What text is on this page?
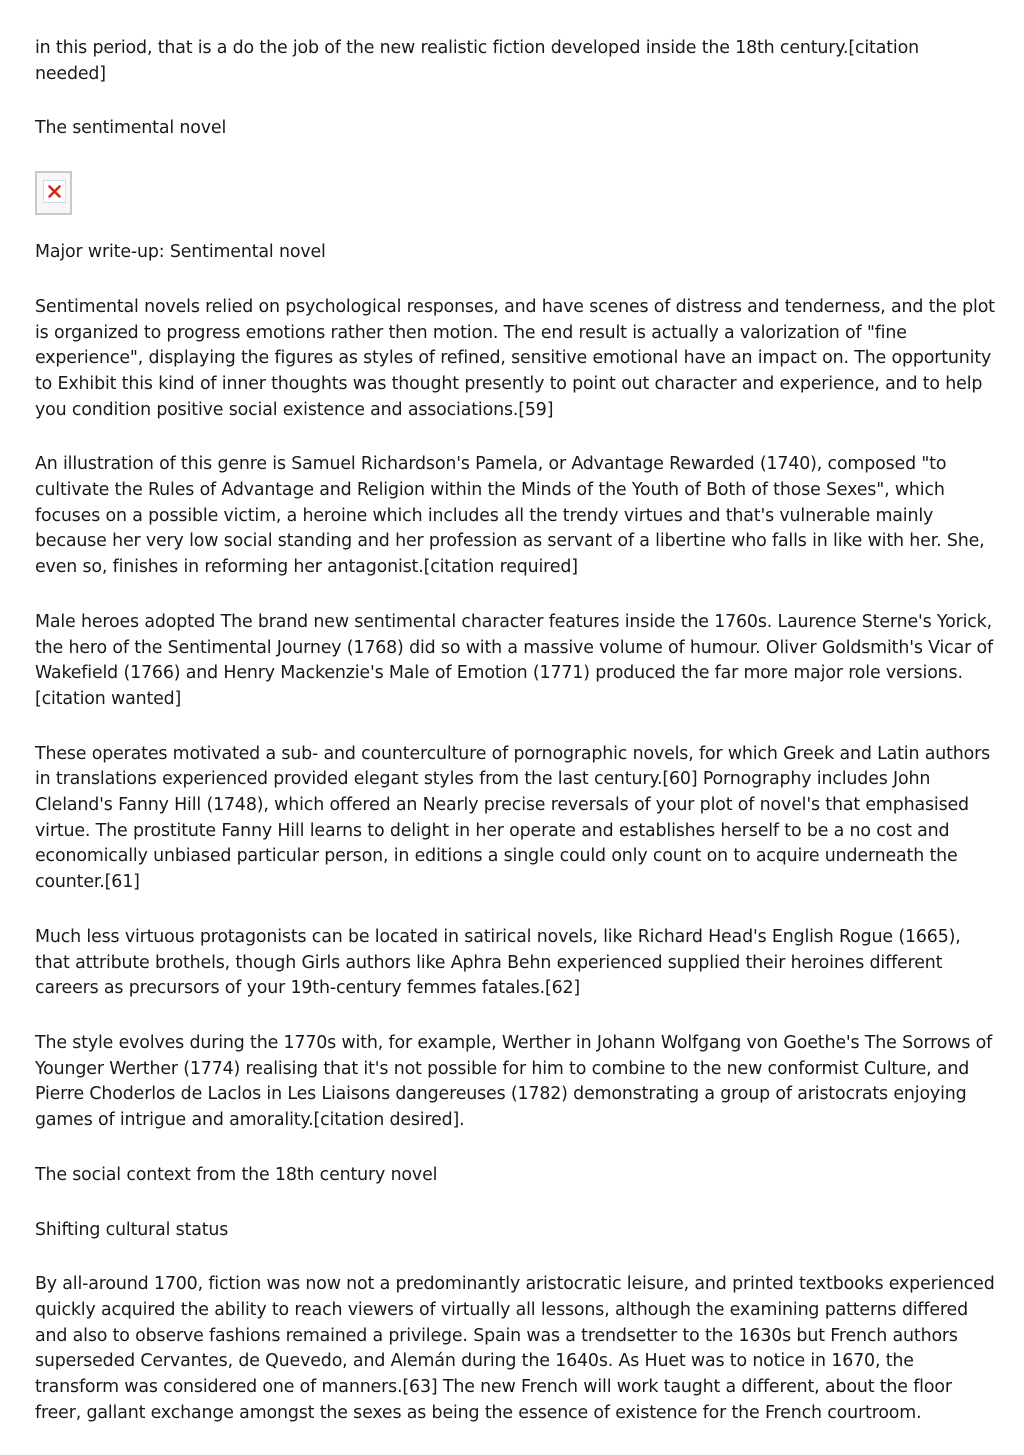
in this period, that is a do the job of the new realistic fiction developed inside the 18th century.[citation needed]

The sentimental novel

Major write-up: Sentimental novel

Sentimental novels relied on psychological responses, and have scenes of distress and tenderness, and the plot is organized to progress emotions rather then motion. The end result is actually a valorization of "fine experience", displaying the figures as styles of refined, sensitive emotional have an impact on. The opportunity to Exhibit this kind of inner thoughts was thought presently to point out character and experience, and to help you condition positive social existence and associations.[59]

An illustration of this genre is Samuel Richardson's Pamela, or Advantage Rewarded (1740), composed "to cultivate the Rules of Advantage and Religion within the Minds of the Youth of Both of those Sexes", which focuses on a possible victim, a heroine which includes all the trendy virtues and that's vulnerable mainly because her very low social standing and her profession as servant of a libertine who falls in like with her. She, even so, finishes in reforming her antagonist.[citation required]

Male heroes adopted The brand new sentimental character features inside the 1760s. Laurence Sterne's Yorick, the hero of the Sentimental Journey (1768) did so with a massive volume of humour. Oliver Goldsmith's Vicar of Wakefield (1766) and Henry Mackenzie's Male of Emotion (1771) produced the far more major role versions.[citation wanted]

These operates motivated a sub- and counterculture of pornographic novels, for which Greek and Latin authors in translations experienced provided elegant styles from the last century.[60] Pornography includes John Cleland's Fanny Hill (1748), which offered an Nearly precise reversals of your plot of novel's that emphasised virtue. The prostitute Fanny Hill learns to delight in her operate and establishes herself to be a no cost and economically unbiased particular person, in editions a single could only count on to acquire underneath the counter.[61]

Much less virtuous protagonists can be located in satirical novels, like Richard Head's English Rogue (1665), that attribute brothels, though Girls authors like Aphra Behn experienced supplied their heroines different careers as precursors of your 19th-century femmes fatales.[62]

The style evolves during the 1770s with, for example, Werther in Johann Wolfgang von Goethe's The Sorrows of Younger Werther (1774) realising that it's not possible for him to combine to the new conformist Culture, and Pierre Choderlos de Laclos in Les Liaisons dangereuses (1782) demonstrating a group of aristocrats enjoying games of intrigue and amorality.[citation desired].

The social context from the 18th century novel

Shifting cultural status

By all-around 1700, fiction was now not a predominantly aristocratic leisure, and printed textbooks experienced quickly acquired the ability to reach viewers of virtually all lessons, although the examining patterns differed and also to observe fashions remained a privilege. Spain was a trendsetter to the 1630s but French authors superseded Cervantes, de Quevedo, and Alemán during the 1640s. As Huet was to notice in 1670, the transform was considered one of manners.[63] The new French will work taught a different, about the floor freer, gallant exchange amongst the sexes as being the essence of existence for the French courtroom.
